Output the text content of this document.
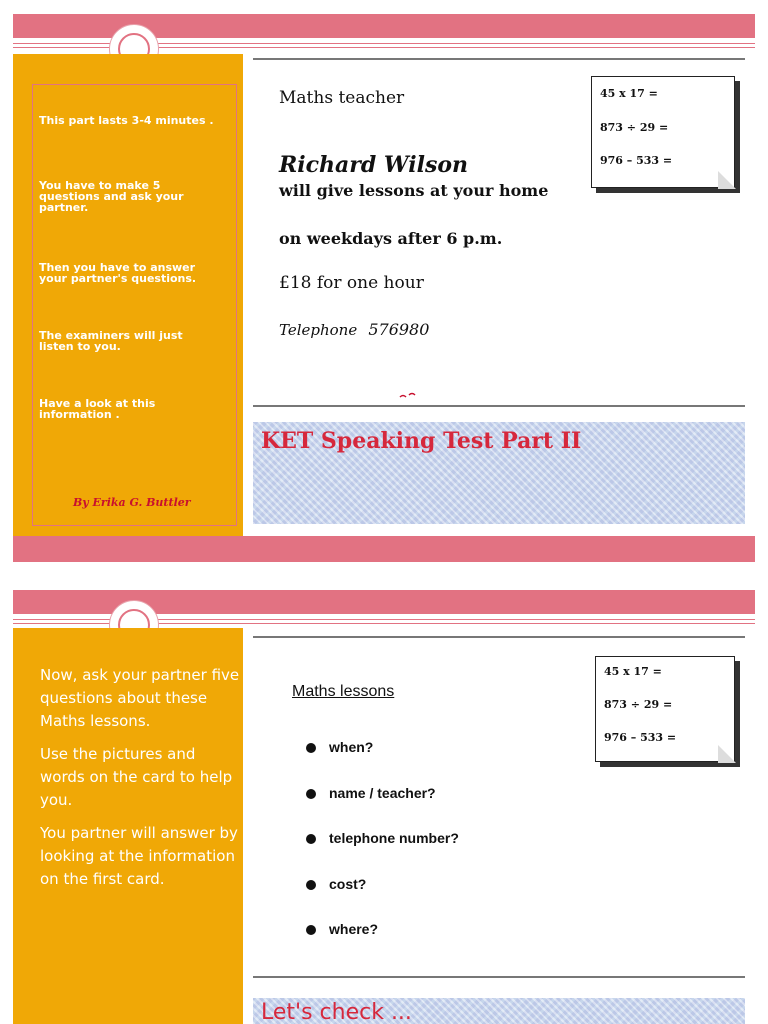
This part lasts 3-4 minutes .

You have to make 5 questions and ask your partner.

Then you have to answer your partner's questions.

The examiners will just listen to you.

Have a look at this information .

By Erika G. Buttler
Maths teacher
Richard Wilson
will give lessons at your home
on weekdays after 6 p.m.
£18 for one hour
Telephone 576980
45 x 17 =
873 ÷ 29 =
976 – 533 =
KET Speaking Test Part II

Now, ask your partner five questions about these Maths lessons.

Use the pictures and words on the card to help you.

You partner will answer by looking at the information on the first card.

Maths lessons
when?
name / teacher?
telephone number?
cost?
where?
45 x 17 =
873 ÷ 29 =
976 – 533 =
Let's check ...
